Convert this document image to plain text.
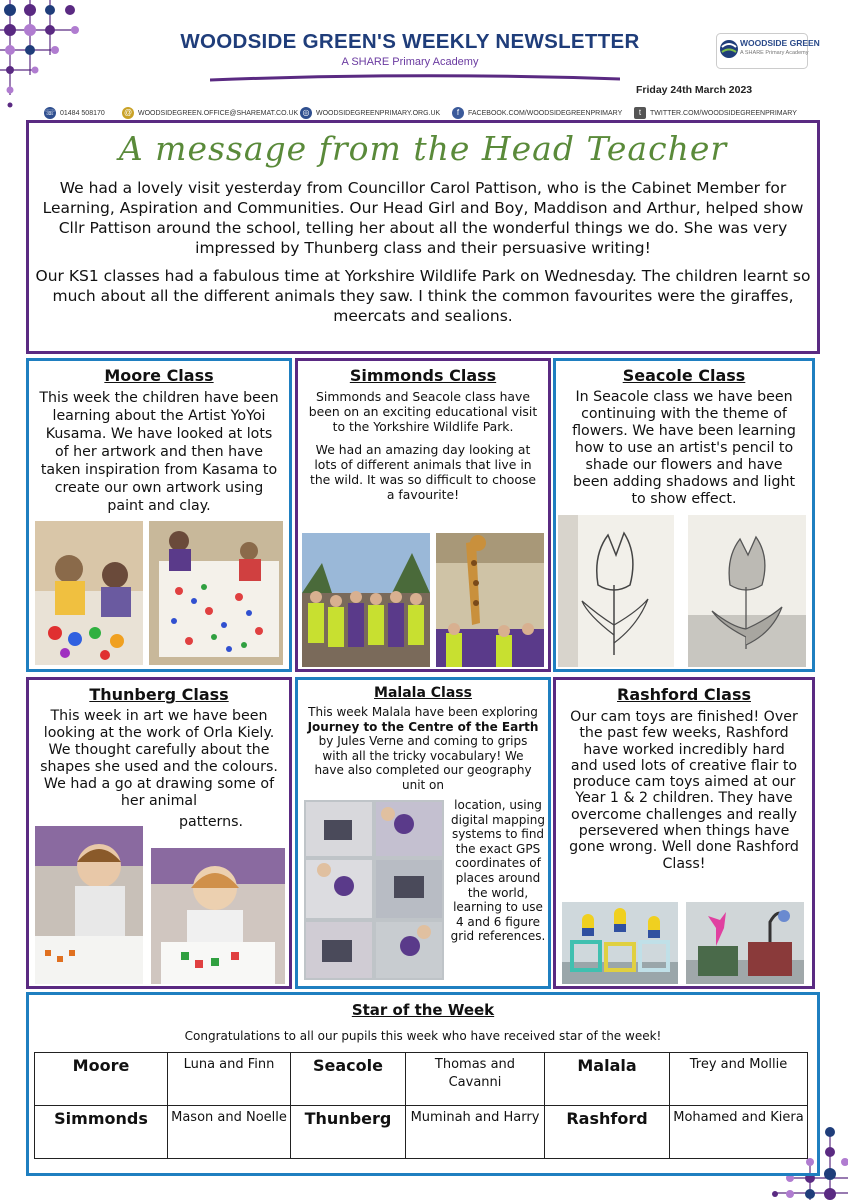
WOODSIDE GREEN'S WEEKLY NEWSLETTER
A SHARE Primary Academy
WOODSIDE GREEN
A SHARE Primary Academy
Friday 24th March 2023
☏ 01484 508170 @ WOODSIDEGREEN.OFFICE@SHAREMAT.CO.UK ◎ WOODSIDEGREENPRIMARY.ORG.UK	f	FACEBOOK.COM/WOODSIDEGREENPRIMARY	t	TWITTER.COM/WOODSIDEGREENPRIMARY
A message from the Head Teacher

We had a lovely visit yesterday from Councillor Carol Pattison, who is the Cabinet Member for Learning, Aspiration and Communities. Our Head Girl and Boy, Maddison and Arthur, helped show Cllr Pattison around the school, telling her about all the wonderful things we do. She was very impressed by Thunberg class and their persuasive writing!

Our KS1 classes had a fabulous time at Yorkshire Wildlife Park on Wednesday. The children learnt so much about all the different animals they saw. I think the common favourites were the giraffes, meercats and sealions.

Moore Class
This week the children have been learning about the Artist YoYoi Kusama. We have looked at lots of her artwork and then have taken inspiration from Kasama to create our own artwork using paint and clay.
Simmonds Class
Simmonds and Seacole class have been on an exciting educational visit to the Yorkshire Wildlife Park.
We had an amazing day looking at lots of different animals that live in the wild. It was so difficult to choose a favourite!
Seacole Class
In Seacole class we have been continuing with the theme of flowers. We have been learning how to use an artist's pencil to shade our flowers and have been adding shadows and light to show effect.
Thunberg Class
This week in art we have been looking at the work of Orla Kiely. We thought carefully about the shapes she used and the colours. We had a go at drawing some of her animal
patterns.
Malala Class
This week Malala have been exploring Journey to the Centre of the Earth by Jules Verne and coming to grips with all the tricky vocabulary! We have also completed our geography unit on
location, using digital mapping systems to find the exact GPS coordinates of places around the world, learning to use 4 and 6 figure grid references.
Rashford Class
Our cam toys are finished! Over the past few weeks, Rashford have worked incredibly hard and used lots of creative flair to produce cam toys aimed at our Year 1 & 2 children. They have overcome challenges and really persevered when things have gone wrong. Well done Rashford Class!
Star of the Week
Congratulations to all our pupils this week who have received star of the week!
Moore	Luna and Finn	Seacole	Thomas and Cavanni	Malala	Trey and Mollie
Simmonds	Mason and Noelle	Thunberg	Muminah and Harry	Rashford	Mohamed and Kiera
